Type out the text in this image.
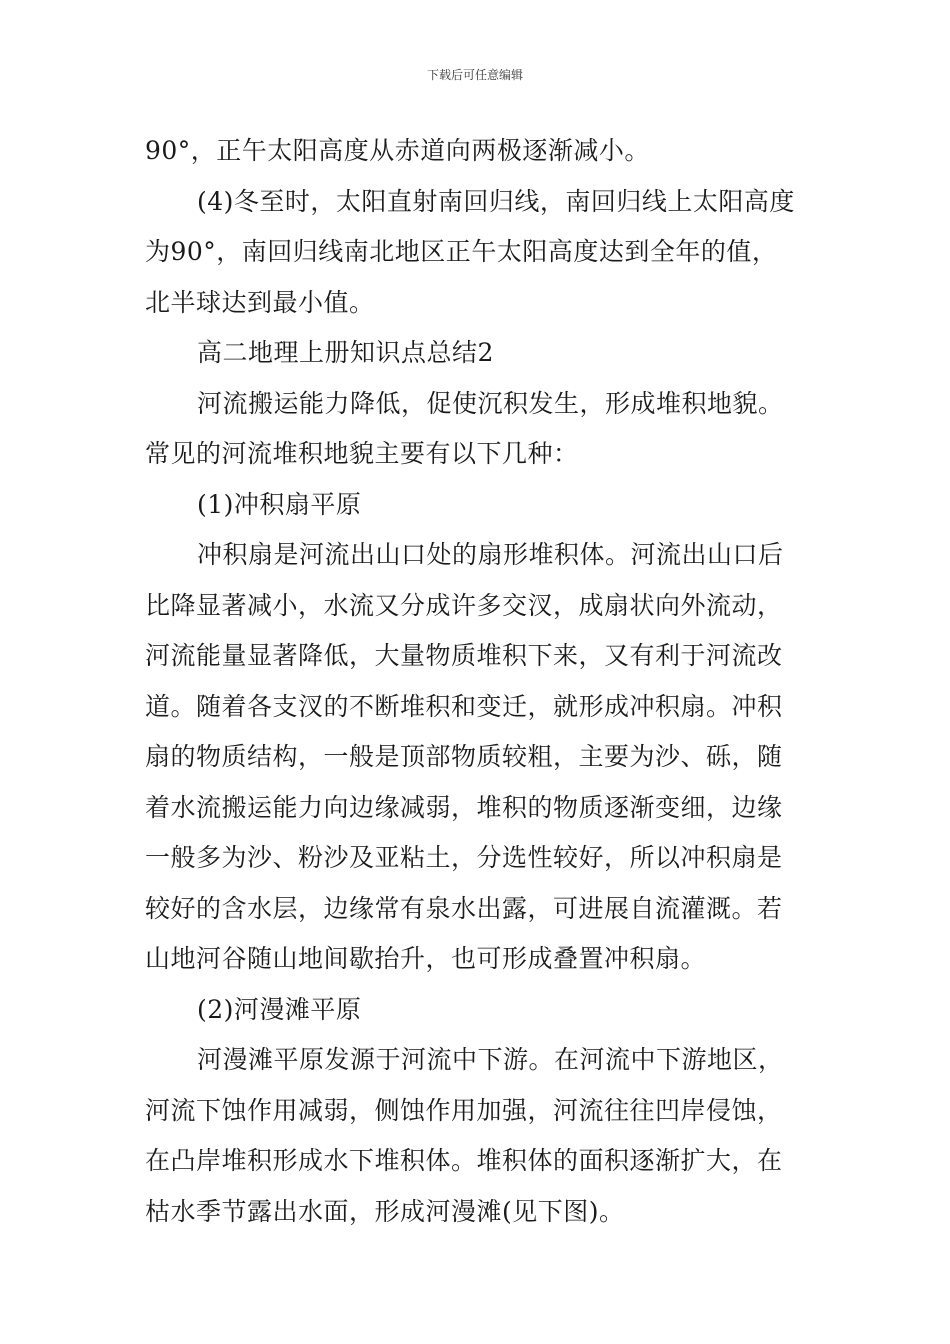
下载后可任意编辑
90°，正午太阳高度从赤道向两极逐渐减小。
(4)冬至时，太阳直射南回归线，南回归线上太阳高度
为90°，南回归线南北地区正午太阳高度达到全年的值，
北半球达到最小值。
高二地理上册知识点总结2
河流搬运能力降低，促使沉积发生，形成堆积地貌。
常见的河流堆积地貌主要有以下几种：
(1)冲积扇平原
冲积扇是河流出山口处的扇形堆积体。河流出山口后
比降显著减小，水流又分成许多交汊，成扇状向外流动，
河流能量显著降低，大量物质堆积下来，又有利于河流改
道。随着各支汊的不断堆积和变迁，就形成冲积扇。冲积
扇的物质结构，一般是顶部物质较粗，主要为沙、砾，随
着水流搬运能力向边缘减弱，堆积的物质逐渐变细，边缘
一般多为沙、粉沙及亚粘土，分选性较好，所以冲积扇是
较好的含水层，边缘常有泉水出露，可进展自流灌溉。若
山地河谷随山地间歇抬升，也可形成叠置冲积扇。
(2)河漫滩平原
河漫滩平原发源于河流中下游。在河流中下游地区，
河流下蚀作用减弱，侧蚀作用加强，河流往往凹岸侵蚀，
在凸岸堆积形成水下堆积体。堆积体的面积逐渐扩大，在
枯水季节露出水面，形成河漫滩(见下图)。
